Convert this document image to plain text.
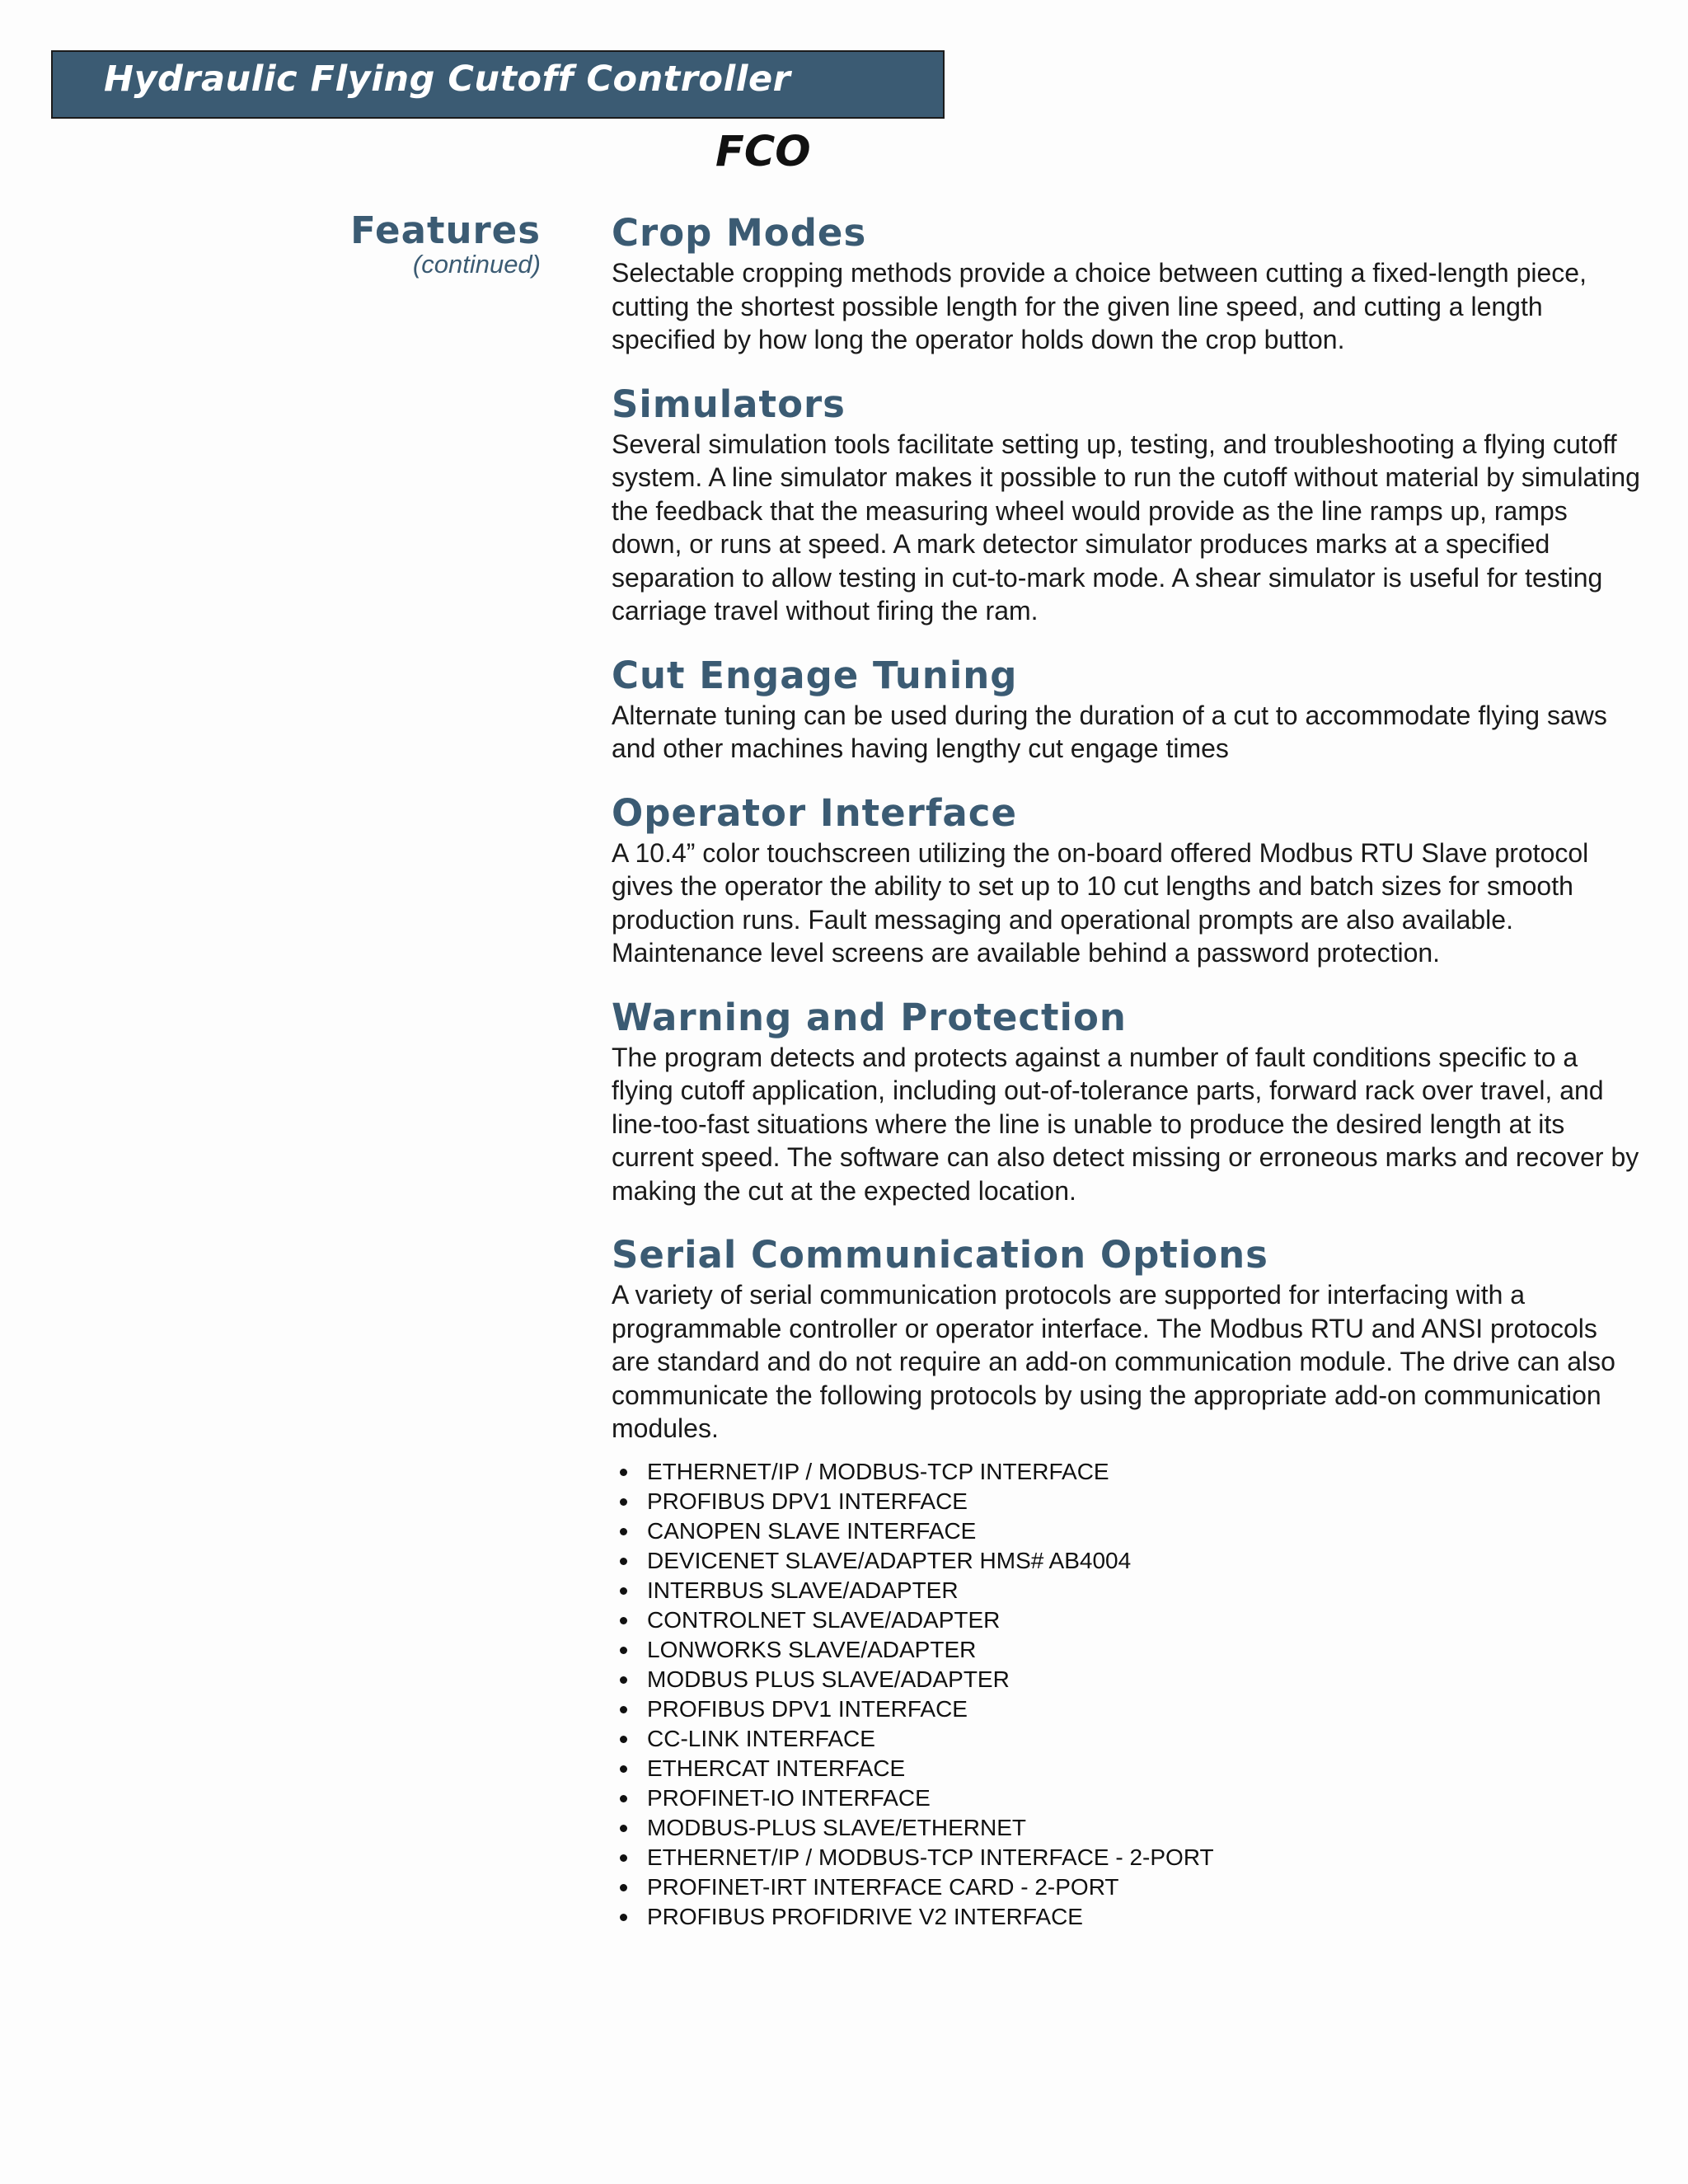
Hydraulic Flying Cutoff Controller
FCO
Features
(continued)
Crop Modes

Selectable cropping methods provide a choice between cutting a fixed-length piece, cutting the shortest possible length for the given line speed, and cutting a length specified by how long the operator holds down the crop button.

Simulators

Several simulation tools facilitate setting up, testing, and troubleshooting a flying cutoff system. A line simulator makes it possible to run the cutoff without material by simulating the feedback that the measuring wheel would provide as the line ramps up, ramps down, or runs at speed. A mark detector simulator produces marks at a specified separation to allow testing in cut-to-mark mode. A shear simulator is useful for testing carriage travel without firing the ram.

Cut Engage Tuning

Alternate tuning can be used during the duration of a cut to accommodate flying saws and other machines having lengthy cut engage times

Operator Interface

A 10.4” color touchscreen utilizing the on-board offered Modbus RTU Slave protocol gives the operator the ability to set up to 10 cut lengths and batch sizes for smooth production runs. Fault messaging and operational prompts are also available. Maintenance level screens are available behind a password protection.

Warning and Protection

The program detects and protects against a number of fault conditions specific to a flying cutoff application, including out-of-tolerance parts, forward rack over travel, and line-too-fast situations where the line is unable to produce the desired length at its current speed. The software can also detect missing or erroneous marks and recover by making the cut at the expected location.

Serial Communication Options

A variety of serial communication protocols are supported for interfacing with a programmable controller or operator interface. The Modbus RTU and ANSI protocols are standard and do not require an add-on communication module. The drive can also communicate the following protocols by using the appropriate add-on communication modules.

ETHERNET/IP / MODBUS-TCP INTERFACE
PROFIBUS DPV1 INTERFACE
CANOPEN SLAVE INTERFACE
DEVICENET SLAVE/ADAPTER HMS# AB4004
INTERBUS SLAVE/ADAPTER
CONTROLNET SLAVE/ADAPTER
LONWORKS SLAVE/ADAPTER
MODBUS PLUS SLAVE/ADAPTER
PROFIBUS DPV1 INTERFACE
CC-LINK INTERFACE
ETHERCAT INTERFACE
PROFINET-IO INTERFACE
MODBUS-PLUS SLAVE/ETHERNET
ETHERNET/IP / MODBUS-TCP INTERFACE - 2-PORT
PROFINET-IRT INTERFACE CARD - 2-PORT
PROFIBUS PROFIDRIVE V2 INTERFACE
